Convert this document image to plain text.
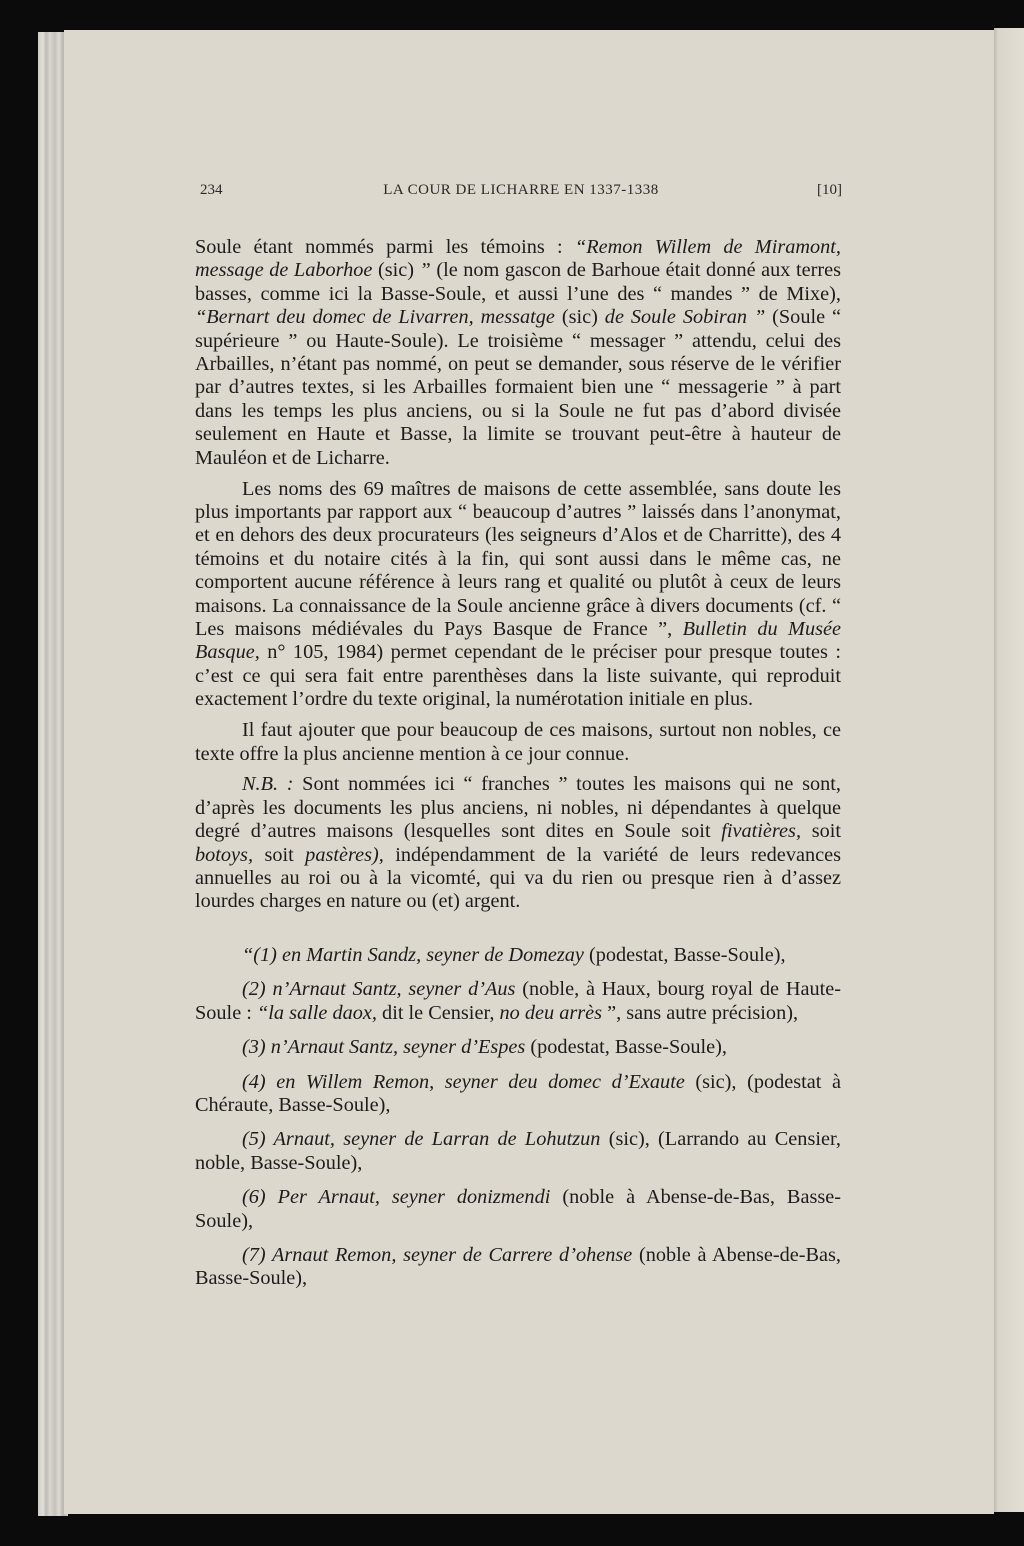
234	LA COUR DE LICHARRE EN 1337-1338	[10]

Soule étant nommés parmi les témoins : “Remon Willem de Miramont, message de Laborhoe (sic) ” (le nom gascon de Barhoue était donné aux terres basses, comme ici la Basse-Soule, et aussi l’une des “ mandes ” de Mixe), “Bernart deu domec de Livarren, messatge (sic) de Soule Sobiran ” (Soule “ supérieure ” ou Haute-Soule). Le troisième “ messager ” attendu, celui des Arbailles, n’étant pas nommé, on peut se demander, sous réserve de le vérifier par d’autres textes, si les Arbailles formaient bien une “ messagerie ” à part dans les temps les plus anciens, ou si la Soule ne fut pas d’abord divisée seulement en Haute et Basse, la limite se trouvant peut-être à hauteur de Mauléon et de Licharre.

Les noms des 69 maîtres de maisons de cette assemblée, sans doute les plus importants par rapport aux “ beaucoup d’autres ” laissés dans l’anonymat, et en dehors des deux procurateurs (les seigneurs d’Alos et de Charritte), des 4 témoins et du notaire cités à la fin, qui sont aussi dans le même cas, ne comportent aucune référence à leurs rang et qualité ou plutôt à ceux de leurs maisons. La connaissance de la Soule ancienne grâce à divers documents (cf. “ Les maisons médiévales du Pays Basque de France ”, Bulletin du Musée Basque, n° 105, 1984) permet cependant de le préciser pour presque toutes : c’est ce qui sera fait entre parenthèses dans la liste suivante, qui reproduit exactement l’ordre du texte original, la numérotation initiale en plus.

Il faut ajouter que pour beaucoup de ces maisons, surtout non nobles, ce texte offre la plus ancienne mention à ce jour connue.

N.B. : Sont nommées ici “ franches ” toutes les maisons qui ne sont, d’après les documents les plus anciens, ni nobles, ni dépendantes à quelque degré d’autres maisons (lesquelles sont dites en Soule soit fivatières, soit botoys, soit pastères), indépendamment de la variété de leurs redevances annuelles au roi ou à la vicomté, qui va du rien ou presque rien à d’assez lourdes charges en nature ou (et) argent.

“(1) en Martin Sandz, seyner de Domezay (podestat, Basse-Soule),

(2) n’Arnaut Santz, seyner d’Aus (noble, à Haux, bourg royal de Haute-Soule : “la salle daox, dit le Censier, no deu arrès ”, sans autre précision),

(3) n’Arnaut Santz, seyner d’Espes (podestat, Basse-Soule),

(4) en Willem Remon, seyner deu domec d’Exaute (sic), (podestat à Chéraute, Basse-Soule),

(5) Arnaut, seyner de Larran de Lohutzun (sic), (Larrando au Censier, noble, Basse-Soule),

(6) Per Arnaut, seyner donizmendi (noble à Abense-de-Bas, Basse-Soule),

(7) Arnaut Remon, seyner de Carrere d’ohense (noble à Abense-de-Bas, Basse-Soule),
